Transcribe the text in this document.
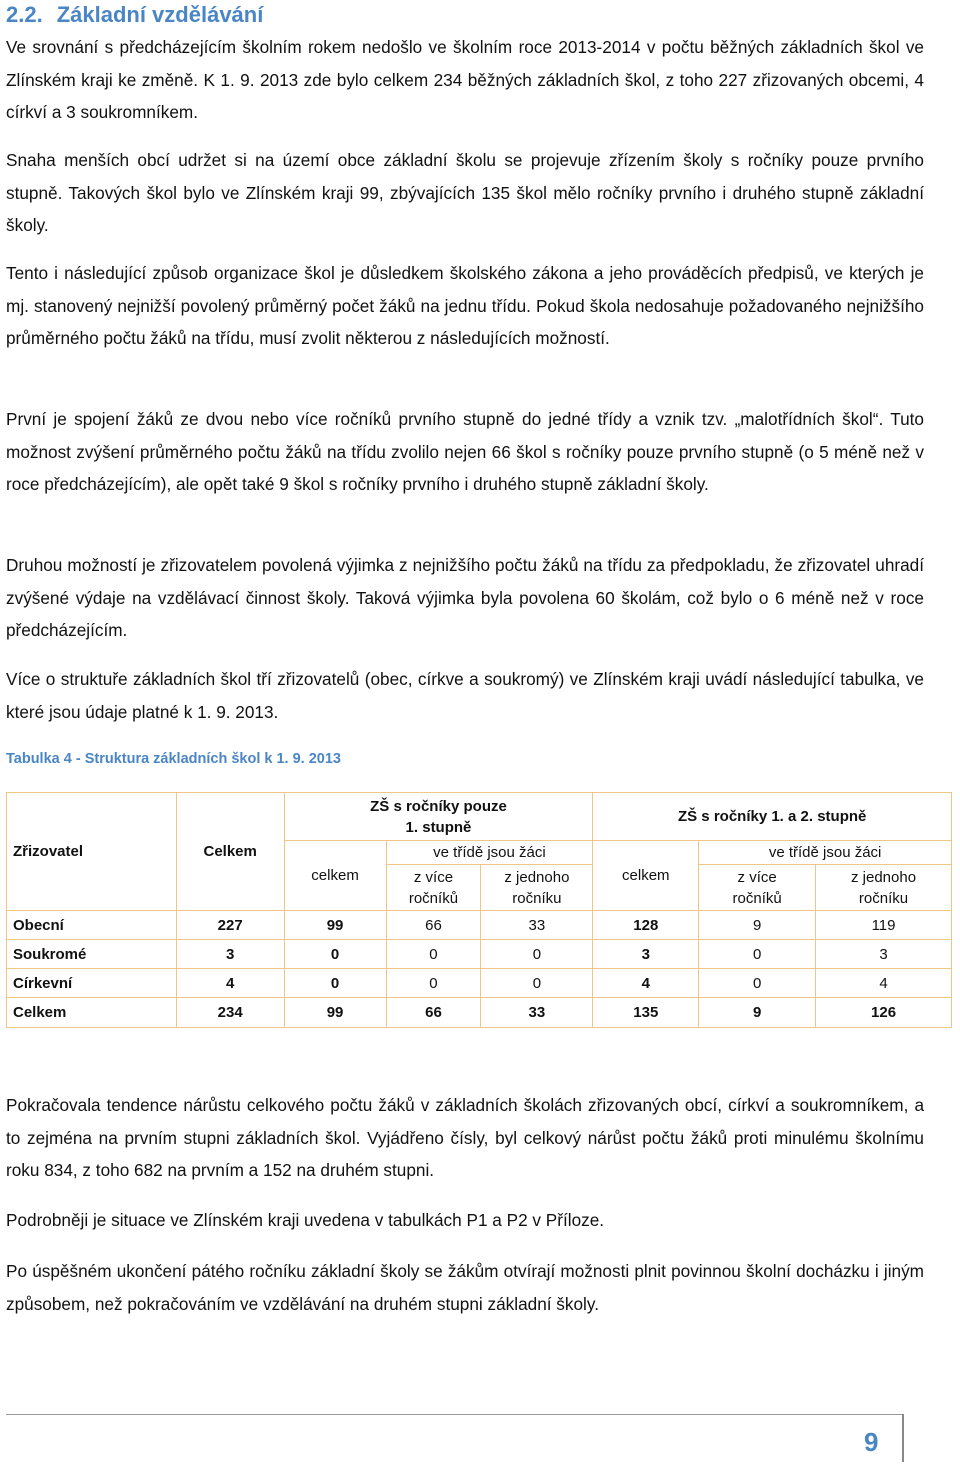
2.2. Základní vzdělávání

Ve srovnání s předcházejícím školním rokem nedošlo ve školním roce 2013-2014 v počtu běžných základních škol ve Zlínském kraji ke změně. K 1. 9. 2013 zde bylo celkem 234 běžných základních škol, z toho 227 zřizovaných obcemi, 4 církví a 3 soukromníkem.

Snaha menších obcí udržet si na území obce základní školu se projevuje zřízením školy s ročníky pouze prvního stupně. Takových škol bylo ve Zlínském kraji 99, zbývajících 135 škol mělo ročníky prvního i druhého stupně základní školy.

Tento i následující způsob organizace škol je důsledkem školského zákona a jeho prováděcích předpisů, ve kterých je mj. stanovený nejnižší povolený průměrný počet žáků na jednu třídu. Pokud škola nedosahuje požadovaného nejnižšího průměrného počtu žáků na třídu, musí zvolit některou z následujících možností.

První je spojení žáků ze dvou nebo více ročníků prvního stupně do jedné třídy a vznik tzv. „malotřídních škol“. Tuto možnost zvýšení průměrného počtu žáků na třídu zvolilo nejen 66 škol s ročníky pouze prvního stupně (o 5 méně než v roce předcházejícím), ale opět také 9 škol s ročníky prvního i druhého stupně základní školy.

Druhou možností je zřizovatelem povolená výjimka z nejnižšího počtu žáků na třídu za předpokladu, že zřizovatel uhradí zvýšené výdaje na vzdělávací činnost školy. Taková výjimka byla povolena 60 školám, což bylo o 6 méně než v roce předcházejícím.

Více o struktuře základních škol tří zřizovatelů (obec, církve a soukromý) ve Zlínském kraji uvádí následující tabulka, ve které jsou údaje platné k 1. 9. 2013.

Tabulka 4 - Struktura základních škol k 1. 9. 2013

Zřizovatel	Celkem	ZŠ s ročníky pouze 1. stupně			ZŠ s ročníky 1. a 2. stupně		
		celkem	ve třídě jsou žáci		celkem	ve třídě jsou žáci	
			z více ročníků	z jednoho ročníku		z více ročníků	z jednoho ročníku
Obecní	227	99	66	33	128	9	119
Soukromé	3	0	0	0	3	0	3
Církevní	4	0	0	0	4	0	4
Celkem	234	99	66	33	135	9	126

Pokračovala tendence nárůstu celkového počtu žáků v základních školách zřizovaných obcí, církví a soukromníkem, a to zejména na prvním stupni základních škol. Vyjádřeno čísly, byl celkový nárůst počtu žáků proti minulému školnímu roku 834, z toho 682 na prvním a 152 na druhém stupni.

Podrobněji je situace ve Zlínském kraji uvedena v tabulkách P1 a P2 v Příloze.

Po úspěšném ukončení pátého ročníku základní školy se žákům otvírají možnosti plnit povinnou školní docházku i jiným způsobem, než pokračováním ve vzdělávání na druhém stupni základní školy.

9
